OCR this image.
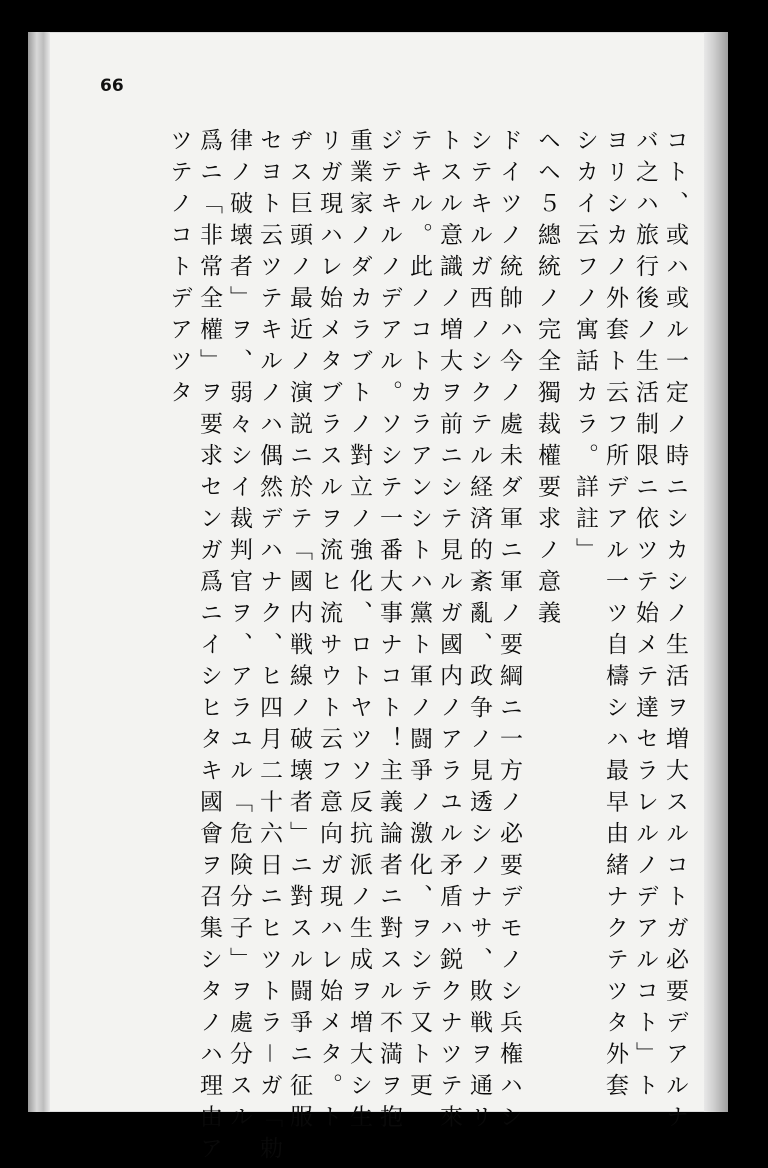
66
コト、或ハ或ル一定ノ時ニシカシノ生活ヲ増大スルコトガ必要デアルナ
バ之ハ旅行後ノ生活制限ニ依ツテ始メテ達セラレルノデアルコト」ト
ヨリシカノ外套ト云フ所デアル一ツ自檮シハ最早由緒ナクテツタ外套
シカイ云フノ寓話カラ。詳註」
ヘヘ５總統ノ完全獨裁權要求ノ意義
ドイツノ統帥ハ今ノ處未ダ軍ニ軍ノ要綱ニ一方ノ必要デモノシ兵権ハシ
シテキルガ西ノシクテル経済的紊亂、政争ノ見透シノナサ、敗戦ヲ通リ
トスル意識ノ増大ヲ前ニシテ見ルガ國内ノアラユル矛盾ハ鋭クナツテ來
テキル。此ノコトカラアンシトハ黨ト軍ノ闘爭ノ激化、ヲシテ又ト更
ジテキルノデアル。ソシテ一番大事ナコト！主義論者ニ對スル不満ヲ抱
重業家ノダカラブトノ對立ノ強化、ロトヤツソ反抗派ノ生成ヲ増大シ生
リガ現ハレ始メタブラスルヲ流ヒ流サウト云フ意向ガ現ハレ始メタ。ト
ヂス巨頭ノ最近ノ演説ニ於テ「國内戦線ノ破壊者」ニ對スル闘爭ニ征服
セヨト云ツテキルノハ偶然デハナク、ヒ四月二十六日ニヒツトラ－ガ「勅
律ノ破壊者」ヲ、弱々シイ裁判官ヲ、アラユル「危険分子」ヲ處分スル
爲ニ「非常全權」ヲ要求センガ爲ニイシヒタキ國會ヲ召集シタノハ理由ア
ツテノコトデアツタ
